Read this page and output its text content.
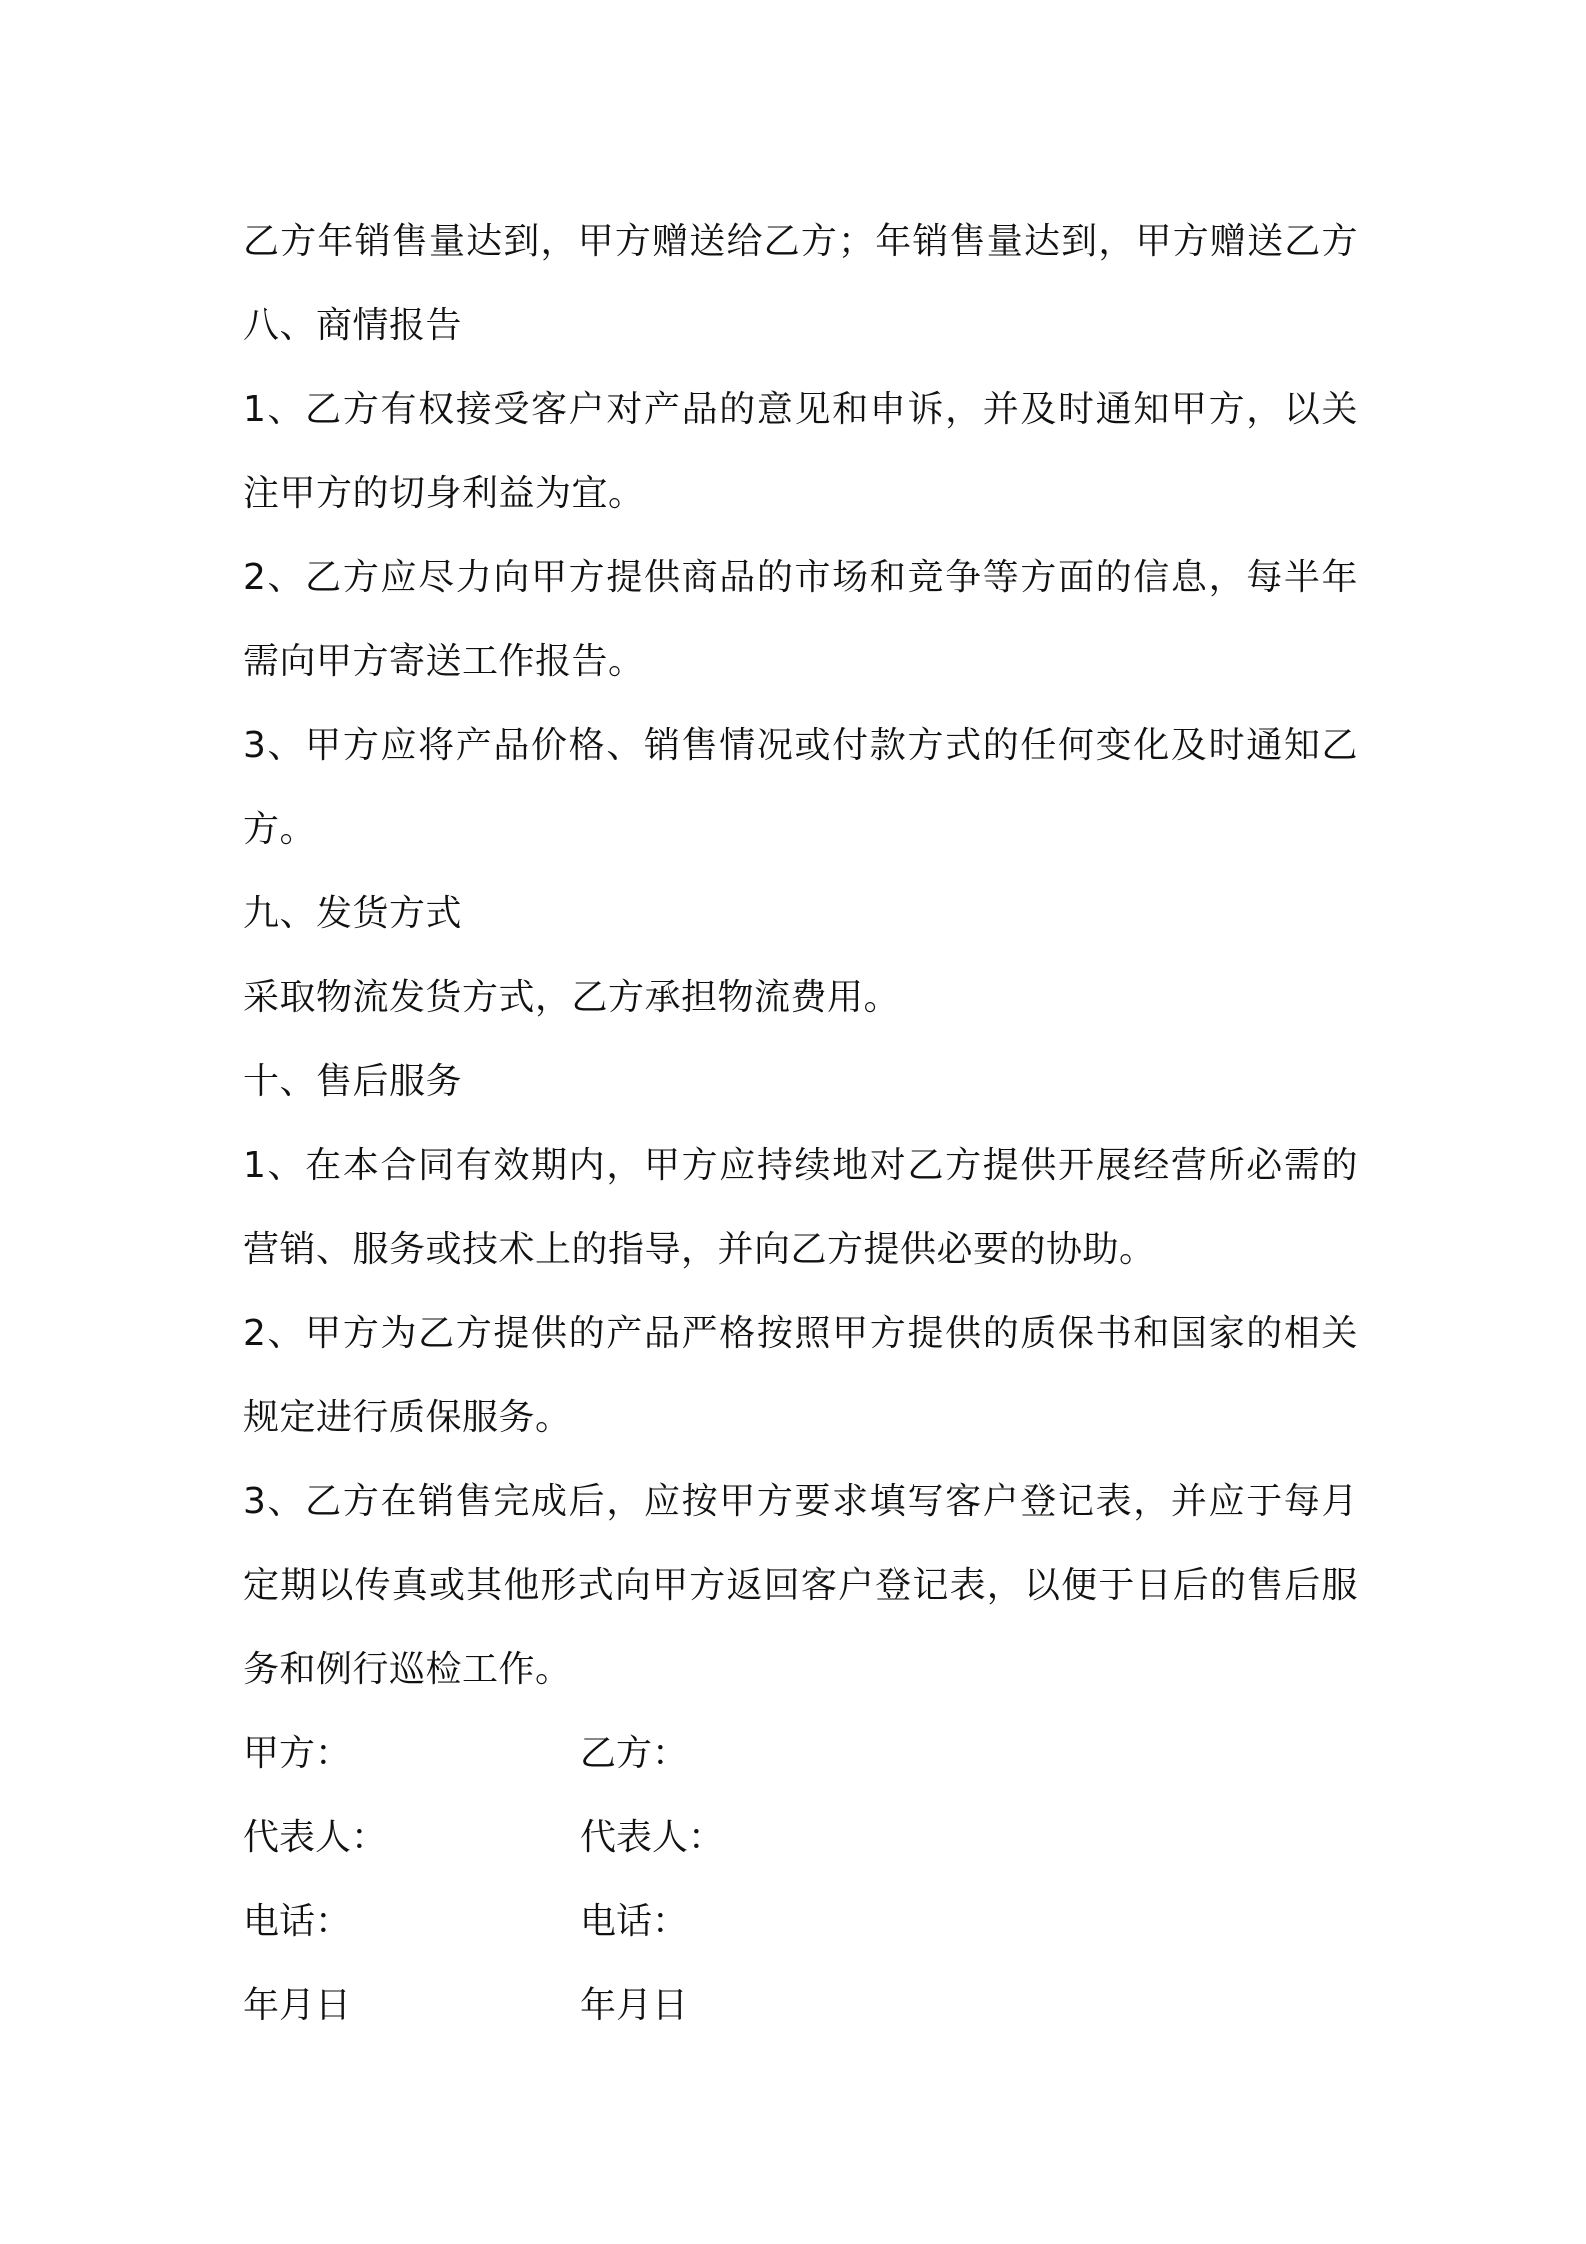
乙方年销售量达到，甲方赠送给乙方；年销售量达到，甲方赠送乙方
八、商情报告
1、乙方有权接受客户对产品的意见和申诉，并及时通知甲方，以关
注甲方的切身利益为宜。
2、乙方应尽力向甲方提供商品的市场和竞争等方面的信息，每半年
需向甲方寄送工作报告。
3、甲方应将产品价格、销售情况或付款方式的任何变化及时通知乙
方。
九、发货方式
采取物流发货方式，乙方承担物流费用。
十、售后服务
1、在本合同有效期内，甲方应持续地对乙方提供开展经营所必需的
营销、服务或技术上的指导，并向乙方提供必要的协助。
2、甲方为乙方提供的产品严格按照甲方提供的质保书和国家的相关
规定进行质保服务。
3、乙方在销售完成后，应按甲方要求填写客户登记表，并应于每月
定期以传真或其他形式向甲方返回客户登记表，以便于日后的售后服
务和例行巡检工作。
甲方：	乙方：
代表人：	代表人：
电话：	电话：
年月日	年月日
